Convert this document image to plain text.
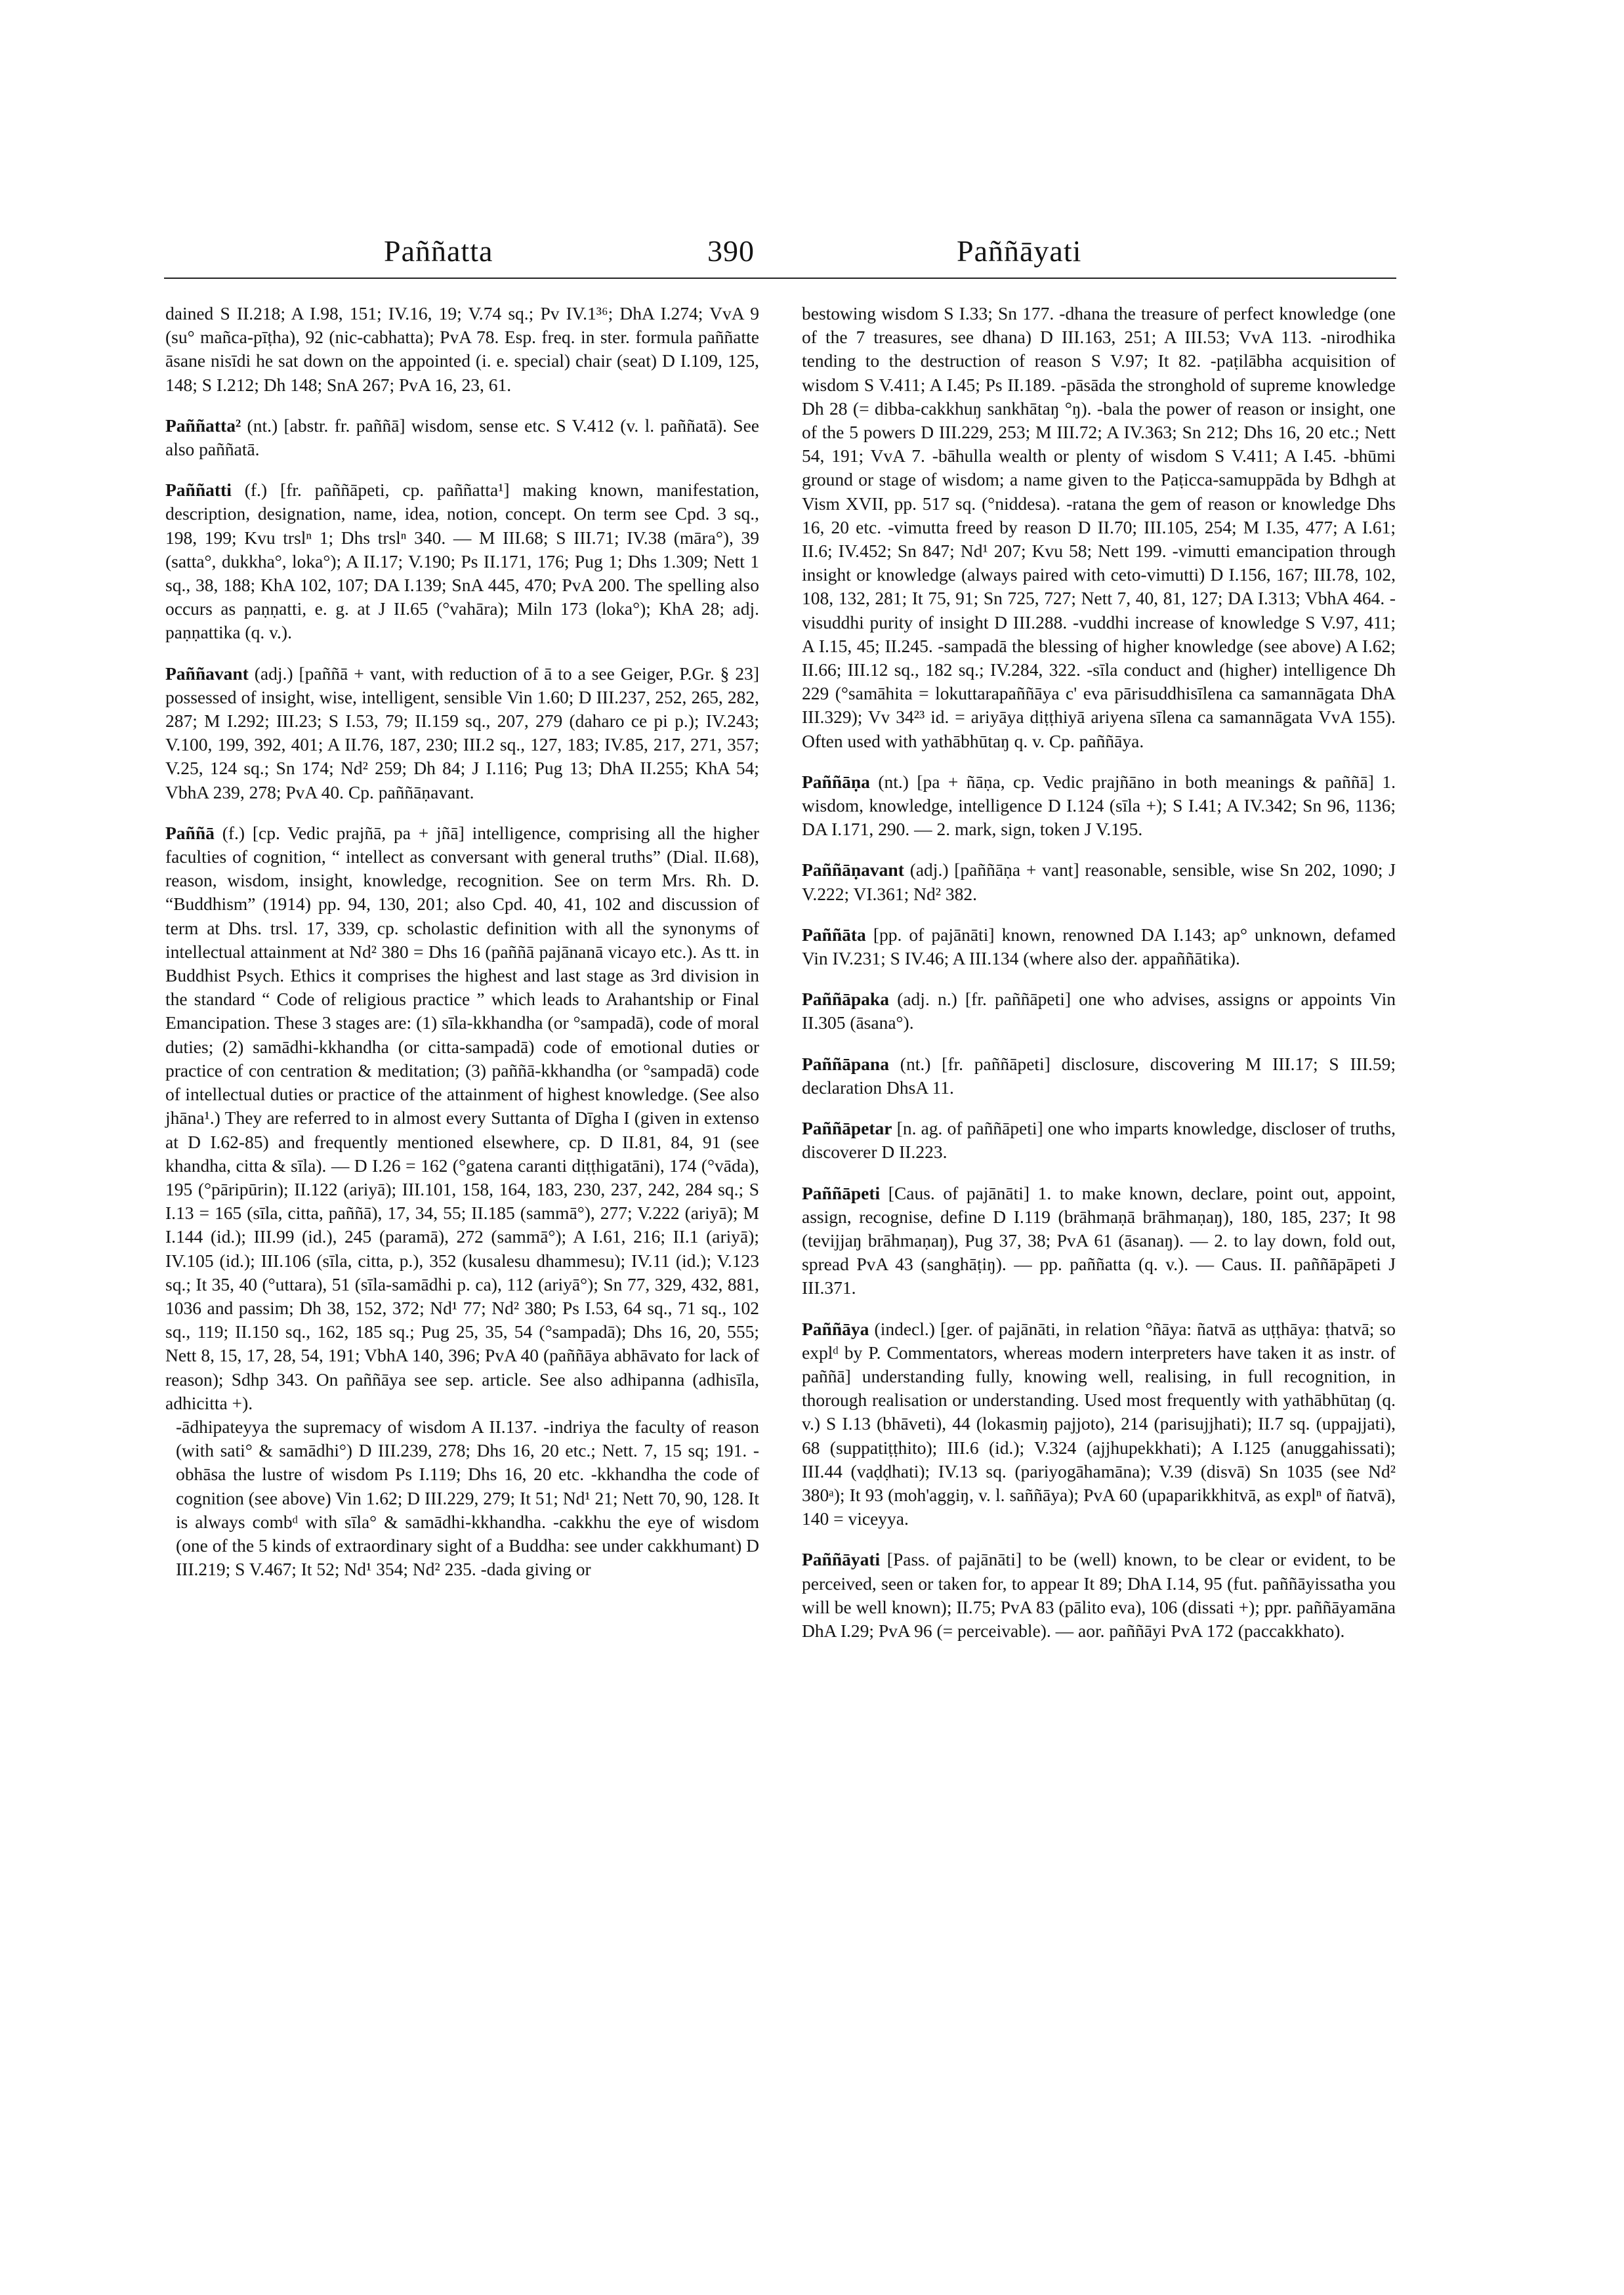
Paññatta	390	Paññāyati

dained S II.218; A I.98, 151; IV.16, 19; V.74 sq.; Pv IV.1³⁶; DhA I.274; VvA 9 (su° mañca-pīṭha), 92 (nic-cabhatta); PvA 78. Esp. freq. in ster. formula paññatte āsane nisīdi he sat down on the appointed (i. e. special) chair (seat) D I.109, 125, 148; S I.212; Dh 148; SnA 267; PvA 16, 23, 61.

Paññatta² (nt.) [abstr. fr. paññā] wisdom, sense etc. S V.412 (v. l. paññatā). See also paññatā.

Paññatti (f.) [fr. paññāpeti, cp. paññatta¹] making known, manifestation, description, designation, name, idea, notion, concept. On term see Cpd. 3 sq., 198, 199; Kvu trslⁿ 1; Dhs trslⁿ 340. — M III.68; S III.71; IV.38 (māra°), 39 (satta°, dukkha°, loka°); A II.17; V.190; Ps II.171, 176; Pug 1; Dhs 1.309; Nett 1 sq., 38, 188; KhA 102, 107; DA I.139; SnA 445, 470; PvA 200. The spelling also occurs as paṇṇatti, e. g. at J II.65 (°vahāra); Miln 173 (loka°); KhA 28; adj. paṇṇattika (q. v.).

Paññavant (adj.) [paññā + vant, with reduction of ā to a see Geiger, P.Gr. § 23] possessed of insight, wise, intelligent, sensible Vin 1.60; D III.237, 252, 265, 282, 287; M I.292; III.23; S I.53, 79; II.159 sq., 207, 279 (daharo ce pi p.); IV.243; V.100, 199, 392, 401; A II.76, 187, 230; III.2 sq., 127, 183; IV.85, 217, 271, 357; V.25, 124 sq.; Sn 174; Nd² 259; Dh 84; J I.116; Pug 13; DhA II.255; KhA 54; VbhA 239, 278; PvA 40. Cp. paññāṇavant.

Paññā (f.) [cp. Vedic prajñā, pa + jñā] intelligence, comprising all the higher faculties of cognition, “ intellect as conversant with general truths” (Dial. II.68), reason, wisdom, insight, knowledge, recognition. See on term Mrs. Rh. D. “Buddhism” (1914) pp. 94, 130, 201; also Cpd. 40, 41, 102 and discussion of term at Dhs. trsl. 17, 339, cp. scholastic definition with all the synonyms of intellectual attainment at Nd² 380 = Dhs 16 (paññā pajānanā vicayo etc.). As tt. in Buddhist Psych. Ethics it comprises the highest and last stage as 3rd division in the standard “ Code of religious practice ” which leads to Arahantship or Final Emancipation. These 3 stages are: (1) sīla-kkhandha (or °sampadā), code of moral duties; (2) samādhi-kkhandha (or citta-sampadā) code of emotional duties or practice of con centration & meditation; (3) paññā-kkhandha (or °sampadā) code of intellectual duties or practice of the attainment of highest knowledge. (See also jhāna¹.) They are referred to in almost every Suttanta of Dīgha I (given in extenso at D I.62-85) and frequently mentioned elsewhere, cp. D II.81, 84, 91 (see khandha, citta & sīla). — D I.26 = 162 (°gatena caranti diṭṭhigatāni), 174 (°vāda), 195 (°pāripūrin); II.122 (ariyā); III.101, 158, 164, 183, 230, 237, 242, 284 sq.; S I.13 = 165 (sīla, citta, paññā), 17, 34, 55; II.185 (sammā°), 277; V.222 (ariyā); M I.144 (id.); III.99 (id.), 245 (paramā), 272 (sammā°); A I.61, 216; II.1 (ariyā); IV.105 (id.); III.106 (sīla, citta, p.), 352 (kusalesu dhammesu); IV.11 (id.); V.123 sq.; It 35, 40 (°uttara), 51 (sīla-samādhi p. ca), 112 (ariyā°); Sn 77, 329, 432, 881, 1036 and passim; Dh 38, 152, 372; Nd¹ 77; Nd² 380; Ps I.53, 64 sq., 71 sq., 102 sq., 119; II.150 sq., 162, 185 sq.; Pug 25, 35, 54 (°sampadā); Dhs 16, 20, 555; Nett 8, 15, 17, 28, 54, 191; VbhA 140, 396; PvA 40 (paññāya abhāvato for lack of reason); Sdhp 343. On paññāya see sep. article. See also adhipanna (adhisīla, adhicitta +).

-ādhipateyya the supremacy of wisdom A II.137. -indriya the faculty of reason (with sati° & samādhi°) D III.239, 278; Dhs 16, 20 etc.; Nett. 7, 15 sq; 191. -obhāsa the lustre of wisdom Ps I.119; Dhs 16, 20 etc. -kkhandha the code of cognition (see above) Vin 1.62; D III.229, 279; It 51; Nd¹ 21; Nett 70, 90, 128. It is always combᵈ with sīla° & samādhi-kkhandha. -cakkhu the eye of wisdom (one of the 5 kinds of extraordinary sight of a Buddha: see under cakkhumant) D III.219; S V.467; It 52; Nd¹ 354; Nd² 235. -dada giving or

bestowing wisdom S I.33; Sn 177. -dhana the treasure of perfect knowledge (one of the 7 treasures, see dhana) D III.163, 251; A III.53; VvA 113. -nirodhika tending to the destruction of reason S V.97; It 82. -paṭilābha acquisition of wisdom S V.411; A I.45; Ps II.189. -pāsāda the stronghold of supreme knowledge Dh 28 (= dibba-cakkhuŋ sankhātaŋ °ŋ). -bala the power of reason or insight, one of the 5 powers D III.229, 253; M III.72; A IV.363; Sn 212; Dhs 16, 20 etc.; Nett 54, 191; VvA 7. -bāhulla wealth or plenty of wisdom S V.411; A I.45. -bhūmi ground or stage of wisdom; a name given to the Paṭicca-samuppāda by Bdhgh at Vism XVII, pp. 517 sq. (°niddesa). -ratana the gem of reason or knowledge Dhs 16, 20 etc. -vimutta freed by reason D II.70; III.105, 254; M I.35, 477; A I.61; II.6; IV.452; Sn 847; Nd¹ 207; Kvu 58; Nett 199. -vimutti emancipation through insight or knowledge (always paired with ceto-vimutti) D I.156, 167; III.78, 102, 108, 132, 281; It 75, 91; Sn 725, 727; Nett 7, 40, 81, 127; DA I.313; VbhA 464. -visuddhi purity of insight D III.288. -vuddhi increase of knowledge S V.97, 411; A I.15, 45; II.245. -sampadā the blessing of higher knowledge (see above) A I.62; II.66; III.12 sq., 182 sq.; IV.284, 322. -sīla conduct and (higher) intelligence Dh 229 (°samāhita = lokuttarapaññāya c' eva pārisuddhisīlena ca samannāgata DhA III.329); Vv 34²³ id. = ariyāya diṭṭhiyā ariyena sīlena ca samannāgata VvA 155). Often used with yathābhūtaŋ q. v. Cp. paññāya.

Paññāṇa (nt.) [pa + ñāṇa, cp. Vedic prajñāno in both meanings & paññā] 1. wisdom, knowledge, intelligence D I.124 (sīla +); S I.41; A IV.342; Sn 96, 1136; DA I.171, 290. — 2. mark, sign, token J V.195.

Paññāṇavant (adj.) [paññāṇa + vant] reasonable, sensible, wise Sn 202, 1090; J V.222; VI.361; Nd² 382.

Paññāta [pp. of pajānāti] known, renowned DA I.143; ap° unknown, defamed Vin IV.231; S IV.46; A III.134 (where also der. appaññātika).

Paññāpaka (adj. n.) [fr. paññāpeti] one who advises, assigns or appoints Vin II.305 (āsana°).

Paññāpana (nt.) [fr. paññāpeti] disclosure, discovering M III.17; S III.59; declaration DhsA 11.

Paññāpetar [n. ag. of paññāpeti] one who imparts knowledge, discloser of truths, discoverer D II.223.

Paññāpeti [Caus. of pajānāti] 1. to make known, declare, point out, appoint, assign, recognise, define D I.119 (brāhmaṇā brāhmaṇaŋ), 180, 185, 237; It 98 (tevijjaŋ brāhmaṇaŋ), Pug 37, 38; PvA 61 (āsanaŋ). — 2. to lay down, fold out, spread PvA 43 (sanghāṭiŋ). — pp. paññatta (q. v.). — Caus. II. paññāpāpeti J III.371.

Paññāya (indecl.) [ger. of pajānāti, in relation °ñāya: ñatvā as uṭṭhāya: ṭhatvā; so explᵈ by P. Commentators, whereas modern interpreters have taken it as instr. of paññā] understanding fully, knowing well, realising, in full recognition, in thorough realisation or understanding. Used most frequently with yathābhūtaŋ (q. v.) S I.13 (bhāveti), 44 (lokasmiŋ pajjoto), 214 (parisujjhati); II.7 sq. (uppajjati), 68 (suppatiṭṭhito); III.6 (id.); V.324 (ajjhupekkhati); A I.125 (anuggahissati); III.44 (vaḍḍhati); IV.13 sq. (pariyogāhamāna); V.39 (disvā) Sn 1035 (see Nd² 380ᵃ); It 93 (moh'aggiŋ, v. l. saññāya); PvA 60 (upaparikkhitvā, as explⁿ of ñatvā), 140 = viceyya.

Paññāyati [Pass. of pajānāti] to be (well) known, to be clear or evident, to be perceived, seen or taken for, to appear It 89; DhA I.14, 95 (fut. paññāyissatha you will be well known); II.75; PvA 83 (pālito eva), 106 (dissati +); ppr. paññāyamāna DhA I.29; PvA 96 (= perceivable). — aor. paññāyi PvA 172 (paccakkhato).
